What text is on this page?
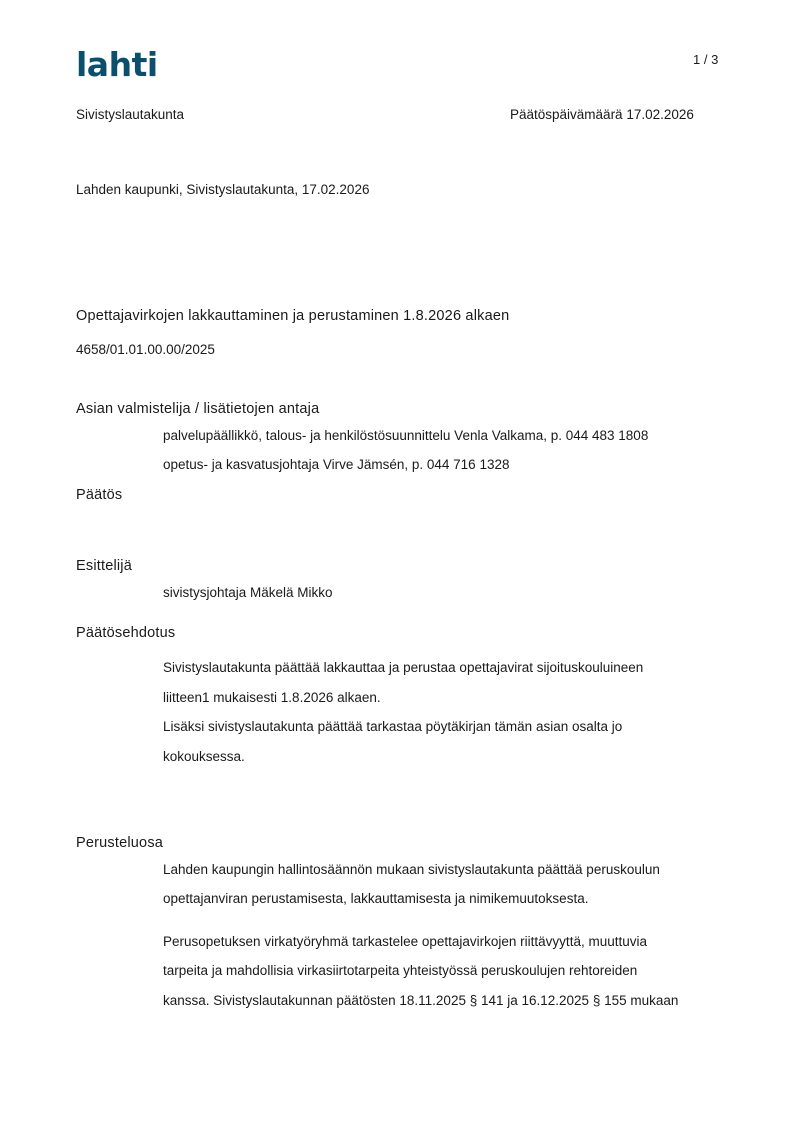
lahti	1 / 3
Sivistyslautakunta	Päätöspäivämäärä 17.02.2026
Lahden kaupunki, Sivistyslautakunta, 17.02.2026
Opettajavirkojen lakkauttaminen ja perustaminen 1.8.2026 alkaen
4658/01.01.00.00/2025
Asian valmistelija / lisätietojen antaja
palvelupäällikkö, talous- ja henkilöstösuunnittelu Venla Valkama, p. 044 483 1808
opetus- ja kasvatusjohtaja Virve Jämsén, p. 044 716 1328
Päätös
Esittelijä
sivistysjohtaja Mäkelä Mikko
Päätösehdotus
Sivistyslautakunta päättää lakkauttaa ja perustaa opettajavirat sijoituskouluineen
liitteen1 mukaisesti 1.8.2026 alkaen.
Lisäksi sivistyslautakunta päättää tarkastaa pöytäkirjan tämän asian osalta jo
kokouksessa.
Perusteluosa
Lahden kaupungin hallintosäännön mukaan sivistyslautakunta päättää peruskoulun
opettajanviran perustamisesta, lakkauttamisesta ja nimikemuutoksesta.
Perusopetuksen virkatyöryhmä tarkastelee opettajavirkojen riittävyyttä, muuttuvia
tarpeita ja mahdollisia virkasiirtotarpeita yhteistyössä peruskoulujen rehtoreiden
kanssa. Sivistyslautakunnan päätösten 18.11.2025 § 141 ja 16.12.2025 § 155 mukaan
